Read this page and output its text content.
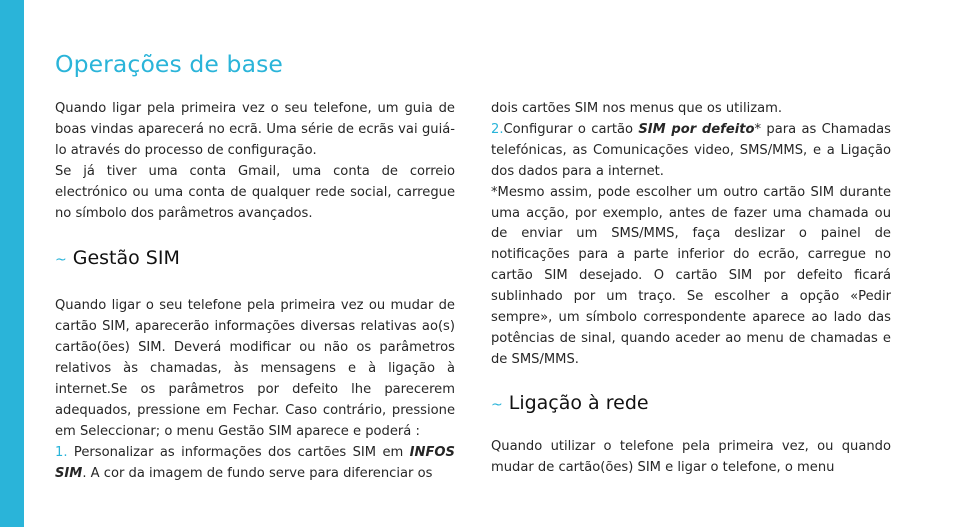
Operações de base

Quando ligar pela primeira vez o seu telefone, um guia de boas vindas aparecerá no ecrã. Uma série de ecrãs vai guiá-lo através do processo de configuração.

Se já tiver uma conta Gmail, uma conta de correio electrónico ou uma conta de qualquer rede social, carregue no símbolo dos parâmetros avançados.

~ Gestão SIM

Quando ligar o seu telefone pela primeira vez ou mudar de cartão SIM, aparecerão informações diversas relativas ao(s) cartão(ões) SIM. Deverá modificar ou não os parâmetros relativos às chamadas, às mensagens e à ligação à internet.Se os parâmetros por defeito lhe parecerem adequados, pressione em Fechar. Caso contrário, pressione em Seleccionar; o menu Gestão SIM aparece e poderá :

1. Personalizar as informações dos cartões SIM em INFOS SIM. A cor da imagem de fundo serve para diferenciar os

dois cartões SIM nos menus que os utilizam.

2.Configurar o cartão SIM por defeito* para as Chamadas telefónicas, as Comunicações video, SMS/MMS, e a Ligação dos dados para a internet.

*Mesmo assim, pode escolher um outro cartão SIM durante uma acção, por exemplo, antes de fazer uma chamada ou de enviar um SMS/MMS, faça deslizar o painel de notificações para a parte inferior do ecrão, carregue no cartão SIM desejado. O cartão SIM por defeito ficará sublinhado por um traço. Se escolher a opção «Pedir sempre», um símbolo correspondente aparece ao lado das potências de sinal, quando aceder ao menu de chamadas e de SMS/MMS.

~ Ligação à rede

Quando utilizar o telefone pela primeira vez, ou quando mudar de cartão(ões) SIM e ligar o telefone, o menu
